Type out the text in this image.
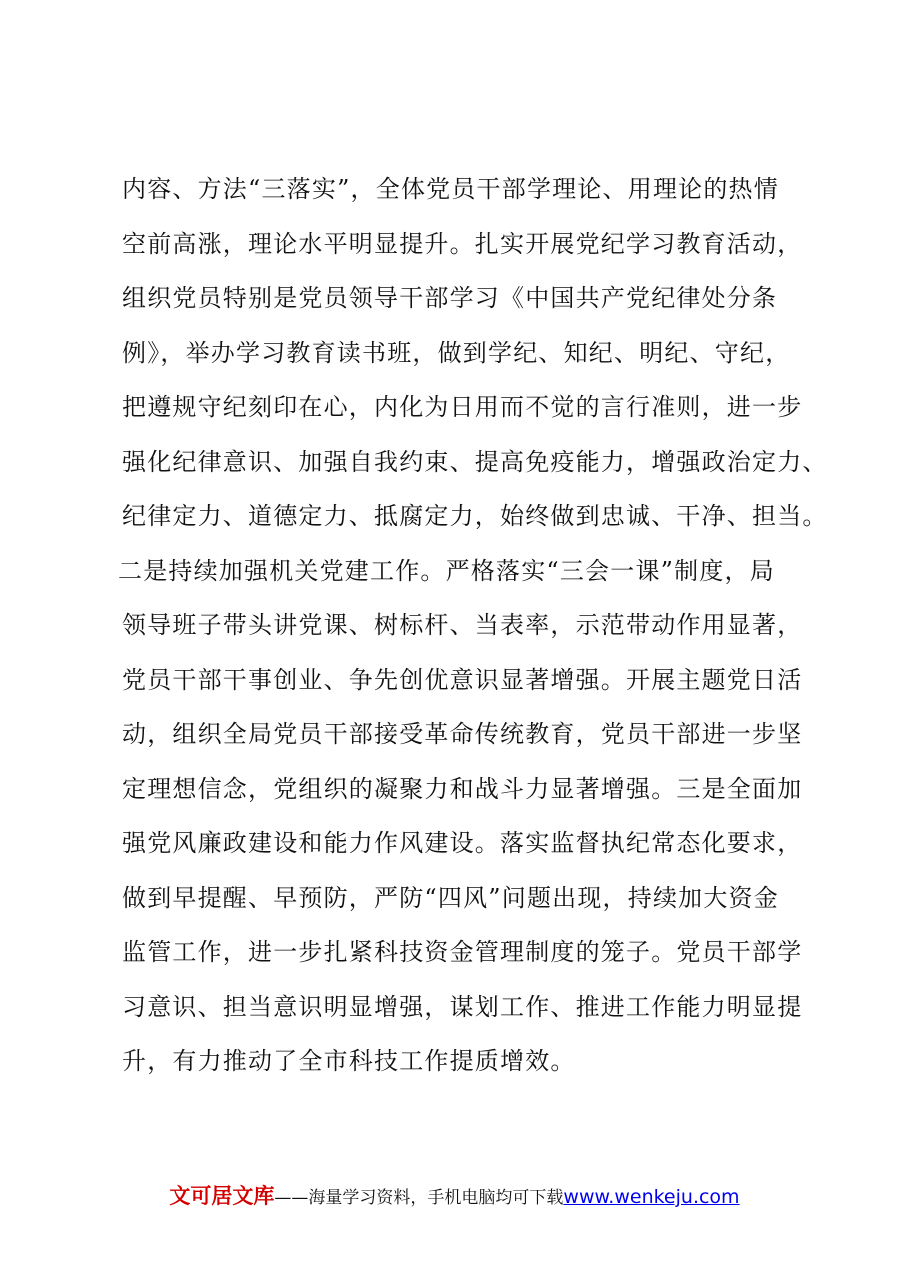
内容、方法“三落实”，全体党员干部学理论、用理论的热情
空前高涨，理论水平明显提升。扎实开展党纪学习教育活动，
组织党员特别是党员领导干部学习《中国共产党纪律处分条
例》，举办学习教育读书班，做到学纪、知纪、明纪、守纪，
把遵规守纪刻印在心，内化为日用而不觉的言行准则，进一步
强化纪律意识、加强自我约束、提高免疫能力，增强政治定力、
纪律定力、道德定力、抵腐定力，始终做到忠诚、干净、担当。
二是持续加强机关党建工作。严格落实“三会一课”制度，局
领导班子带头讲党课、树标杆、当表率，示范带动作用显著，
党员干部干事创业、争先创优意识显著增强。开展主题党日活
动，组织全局党员干部接受革命传统教育，党员干部进一步坚
定理想信念，党组织的凝聚力和战斗力显著增强。三是全面加
强党风廉政建设和能力作风建设。落实监督执纪常态化要求，
做到早提醒、早预防，严防“四风”问题出现，持续加大资金
监管工作，进一步扎紧科技资金管理制度的笼子。党员干部学
习意识、担当意识明显增强，谋划工作、推进工作能力明显提
升，有力推动了全市科技工作提质增效。
文可居文库——海量学习资料，手机电脑均可下载www.wenkeju.com
